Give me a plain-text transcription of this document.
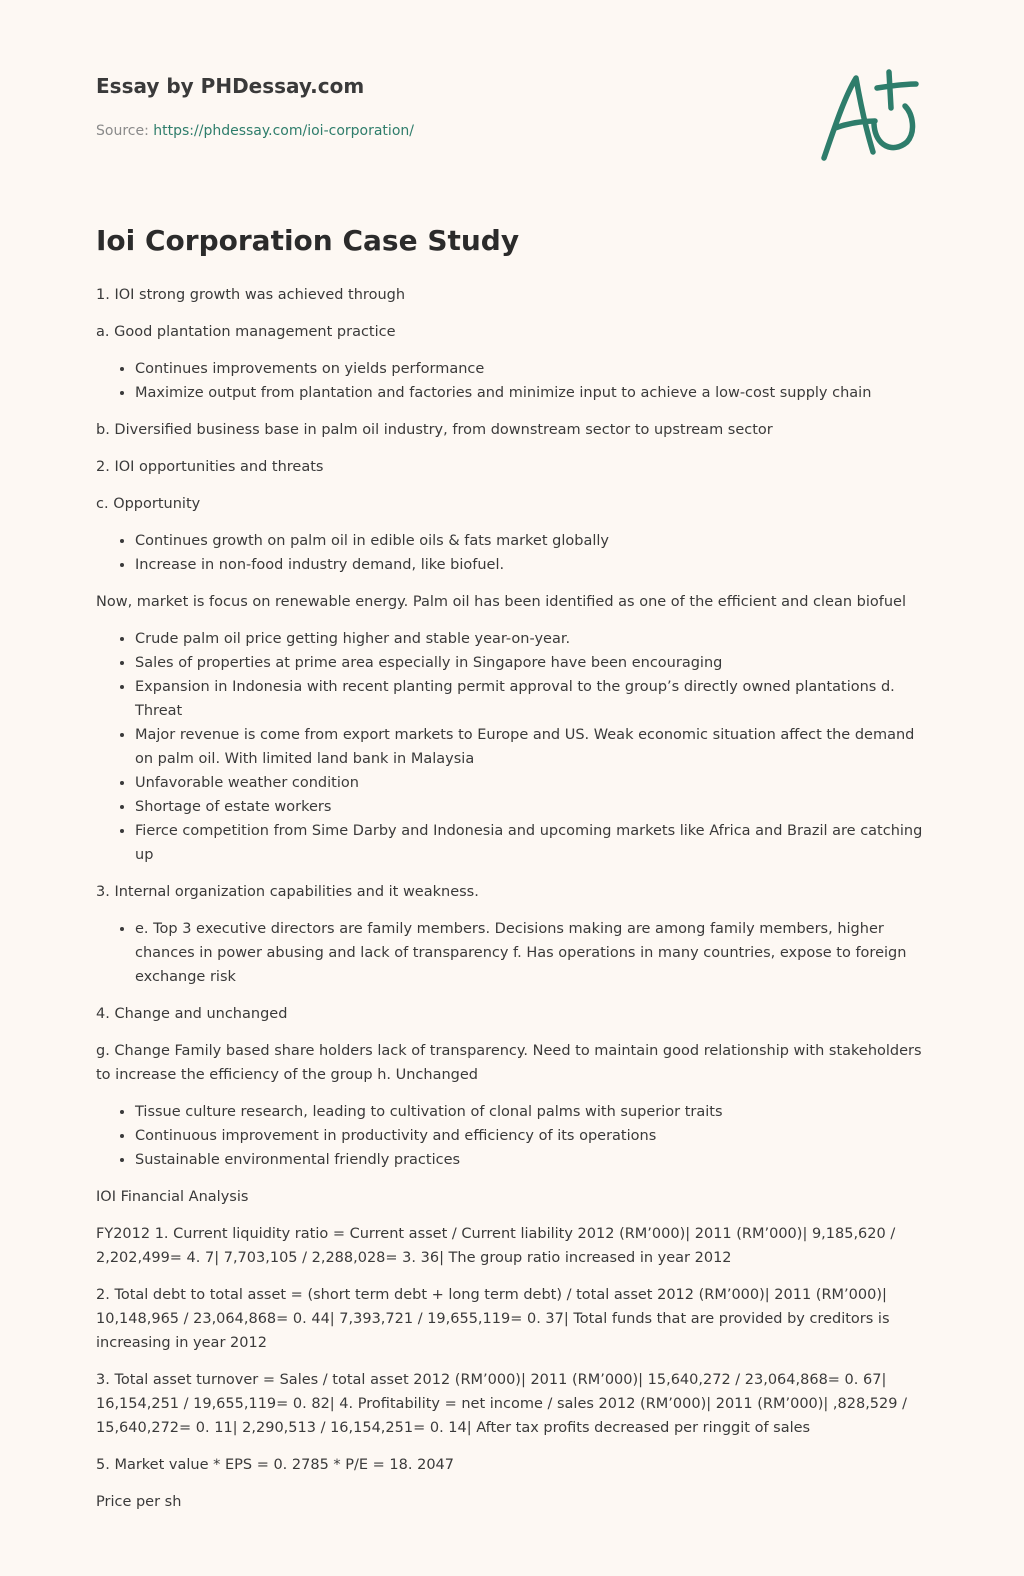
Essay by PHDessay.com
Source: https://phdessay.com/ioi-corporation/
Ioi Corporation Case Study

1. IOI strong growth was achieved through

a. Good plantation management practice

• Continues improvements on yields performance
• Maximize output from plantation and factories and minimize input to achieve a low-cost supply chain

b. Diversified business base in palm oil industry, from downstream sector to upstream sector

2. IOI opportunities and threats

c. Opportunity

• Continues growth on palm oil in edible oils & fats market globally
• Increase in non-food industry demand, like biofuel.

Now, market is focus on renewable energy. Palm oil has been identified as one of the efficient and clean biofuel

• Crude palm oil price getting higher and stable year-on-year.
• Sales of properties at prime area especially in Singapore have been encouraging
• Expansion in Indonesia with recent planting permit approval to the group’s directly owned plantations d. Threat
• Major revenue is come from export markets to Europe and US. Weak economic situation affect the demand on palm oil. With limited land bank in Malaysia
• Unfavorable weather condition
• Shortage of estate workers
• Fierce competition from Sime Darby and Indonesia and upcoming markets like Africa and Brazil are catching up

3. Internal organization capabilities and it weakness.

• e. Top 3 executive directors are family members. Decisions making are among family members, higher chances in power abusing and lack of transparency f. Has operations in many countries, expose to foreign exchange risk

4. Change and unchanged

g. Change Family based share holders lack of transparency. Need to maintain good relationship with stakeholders to increase the efficiency of the group h. Unchanged

• Tissue culture research, leading to cultivation of clonal palms with superior traits
• Continuous improvement in productivity and efficiency of its operations
• Sustainable environmental friendly practices

IOI Financial Analysis

FY2012 1. Current liquidity ratio = Current asset / Current liability 2012 (RM’000)| 2011 (RM’000)| 9,185,620 / 2,202,499= 4. 7| 7,703,105 / 2,288,028= 3. 36| The group ratio increased in year 2012

2. Total debt to total asset = (short term debt + long term debt) / total asset 2012 (RM’000)| 2011 (RM’000)| 10,148,965 / 23,064,868= 0. 44| 7,393,721 / 19,655,119= 0. 37| Total funds that are provided by creditors is increasing in year 2012

3. Total asset turnover = Sales / total asset 2012 (RM’000)| 2011 (RM’000)| 15,640,272 / 23,064,868= 0. 67| 16,154,251 / 19,655,119= 0. 82| 4. Profitability = net income / sales 2012 (RM’000)| 2011 (RM’000)| ,828,529 / 15,640,272= 0. 11| 2,290,513 / 16,154,251= 0. 14| After tax profits decreased per ringgit of sales

5. Market value * EPS = 0. 2785 * P/E = 18. 2047

Price per sh
